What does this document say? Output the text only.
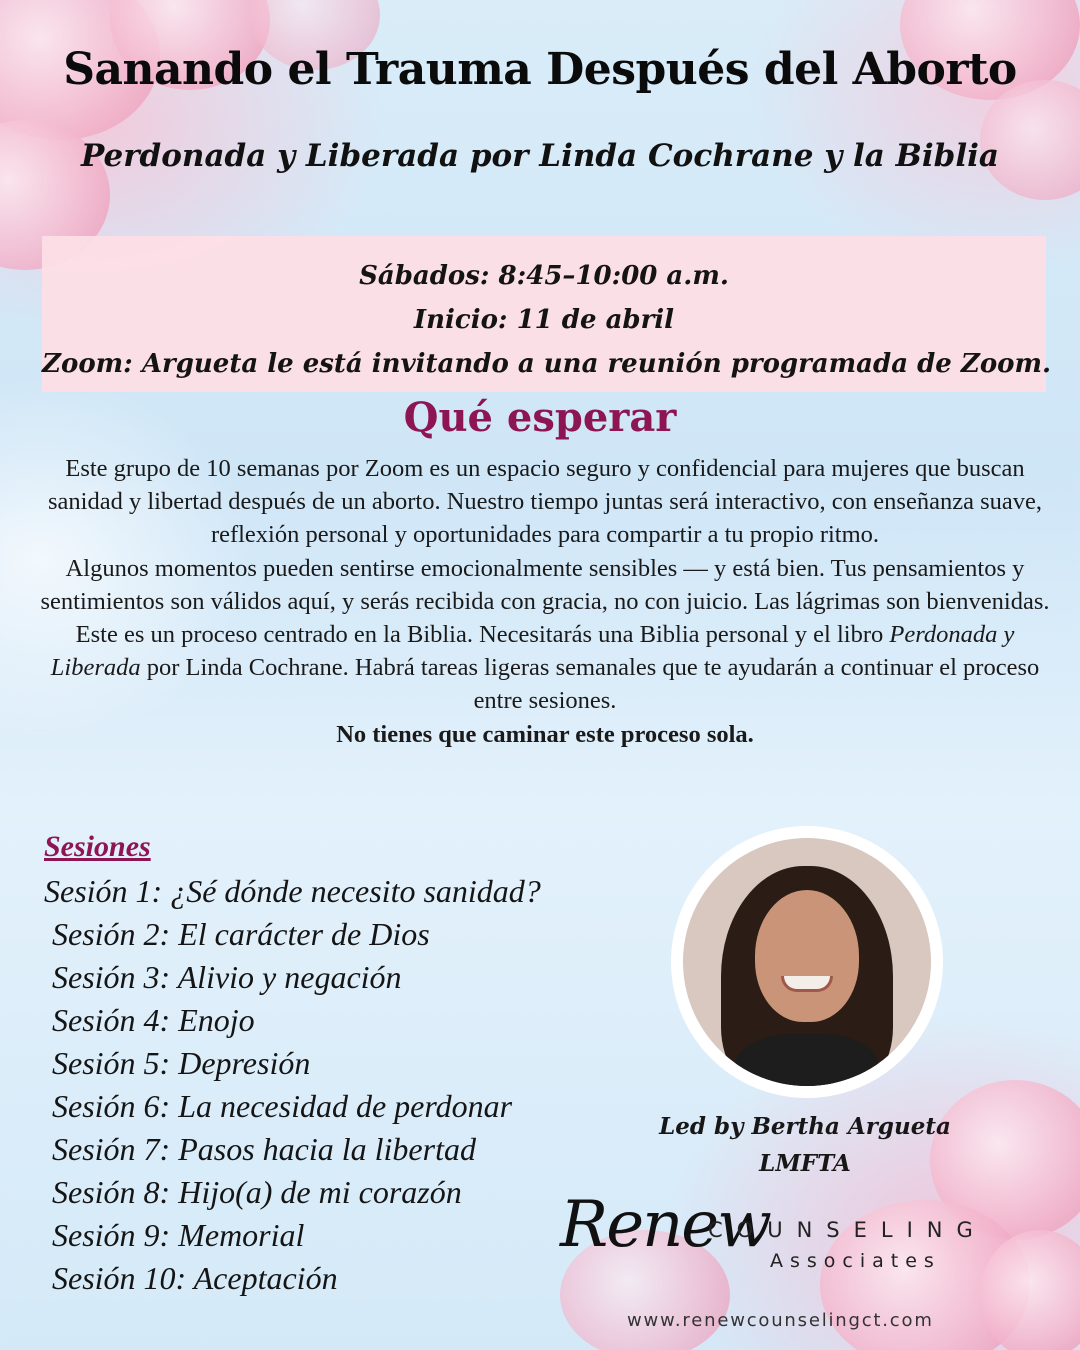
Sanando el Trauma Después del Aborto
Perdonada y Liberada por Linda Cochrane y la Biblia
Sábados: 8:45–10:00 a.m.
Inicio: 11 de abril
Zoom: Argueta le está invitando a una reunión programada de Zoom.
Qué esperar

Este grupo de 10 semanas por Zoom es un espacio seguro y confidencial para mujeres que buscan sanidad y libertad después de un aborto. Nuestro tiempo juntas será interactivo, con enseñanza suave, reflexión personal y oportunidades para compartir a tu propio ritmo.

Algunos momentos pueden sentirse emocionalmente sensibles — y está bien. Tus pensamientos y sentimientos son válidos aquí, y serás recibida con gracia, no con juicio. Las lágrimas son bienvenidas.

Este es un proceso centrado en la Biblia. Necesitarás una Biblia personal y el libro Perdonada y Liberada por Linda Cochrane. Habrá tareas ligeras semanales que te ayudarán a continuar el proceso entre sesiones.

No tienes que caminar este proceso sola.

Sesiones
Sesión 1: ¿Sé dónde necesito sanidad?
Sesión 2: El carácter de Dios
Sesión 3: Alivio y negación
Sesión 4: Enojo
Sesión 5: Depresión
Sesión 6: La necesidad de perdonar
Sesión 7: Pasos hacia la libertad
Sesión 8: Hijo(a) de mi corazón
Sesión 9: Memorial
Sesión 10: Aceptación
Led by Bertha Argueta
LMFTA
Renew
COUNSELING
Associates
www.renewcounselingct.com
